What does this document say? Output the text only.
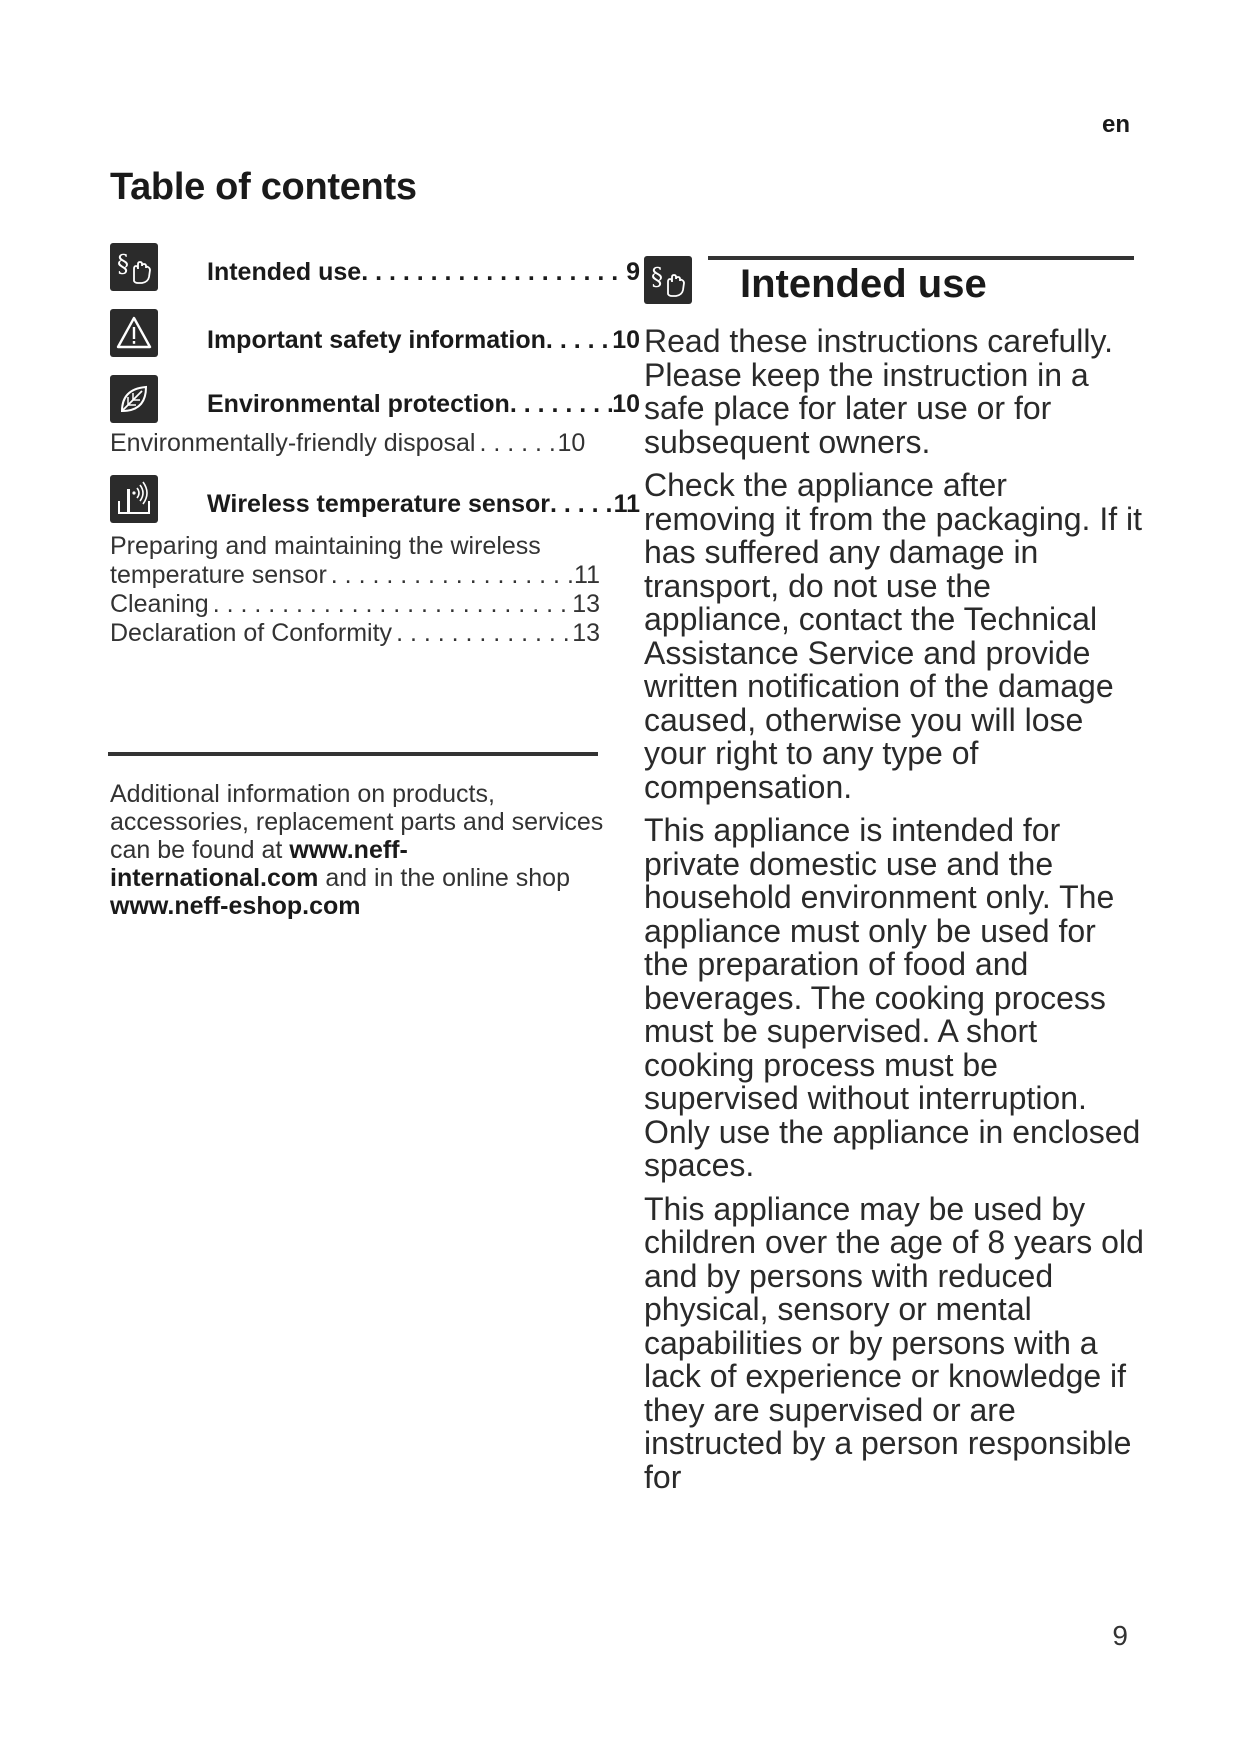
en
Table of contents
§	Intended use . . .	9
Important safety information . . .	10
Environmental protection . . .	10
Environmentally-friendly disposal . . .	10
Wireless temperature sensor . . .	11
Preparing and maintaining the wireless
temperature sensor . . .	11
Cleaning . . .	13
Declaration of Conformity . . .	13
Additional information on products, accessories, replacement parts and services can be found at www.neff-international.com and in the online shop www.neff-eshop.com
§ Intended use

Read these instructions carefully. Please keep the instruction in a safe place for later use or for subsequent owners.

Check the appliance after removing it from the packaging. If it has suffered any damage in transport, do not use the appliance, contact the Technical Assistance Service and provide written notification of the damage caused, otherwise you will lose your right to any type of compensation.

This appliance is intended for private domestic use and the household environment only. The appliance must only be used for the preparation of food and beverages. The cooking process must be supervised. A short cooking process must be supervised without interruption. Only use the appliance in enclosed spaces.

This appliance may be used by children over the age of 8 years old and by persons with reduced physical, sensory or mental capabilities or by persons with a lack of experience or knowledge if they are supervised or are instructed by a person responsible for

9
